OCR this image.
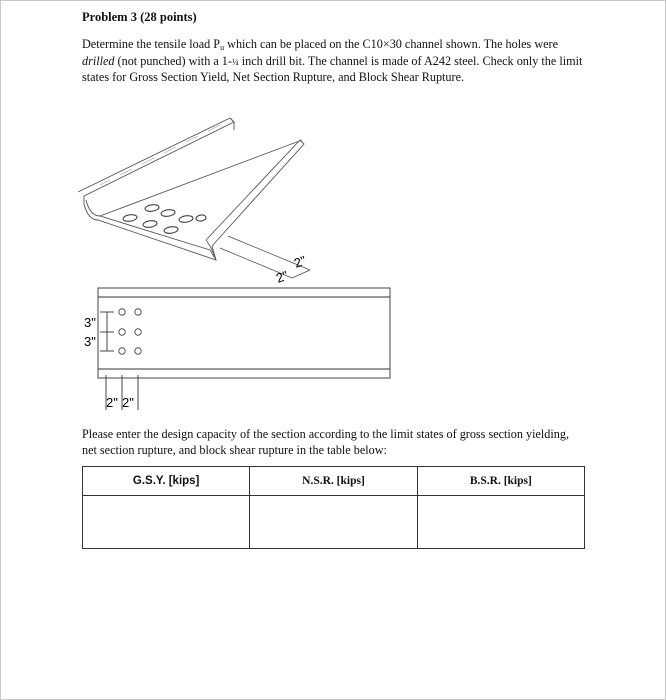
Problem 3 (28 points)
Determine the tensile load $P_u$ which can be placed on the C10×30 channel shown. The holes were drilled (not punched) with a 1-¼ inch drill bit. The channel is made of A242 steel. Check only the limit states for Gross Section Yield, Net Section Rupture, and Block Shear Rupture.
2"
2"
3"
3"
2" 2"
Please enter the design capacity of the section according to the limit states of gross section yielding, net section rupture, and block shear rupture in the table below:
G.S.Y. [kips]	N.S.R. [kips]	B.S.R. [kips]
